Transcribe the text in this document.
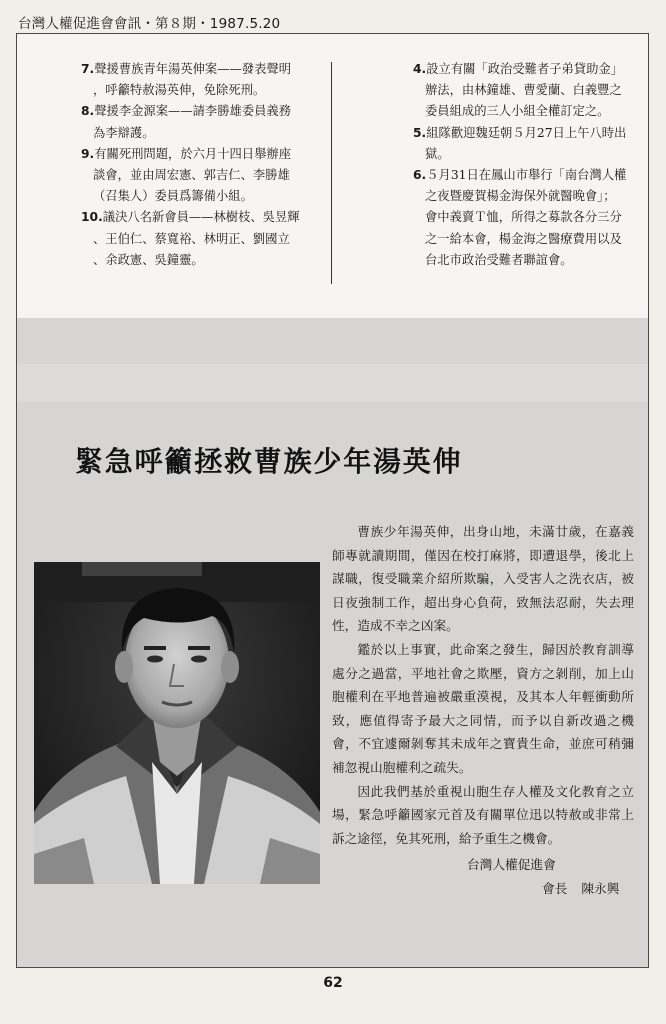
台灣人權促進會會訊・第８期・1987.5.20
7.聲援曹族青年湯英伸案——發表聲明
，呼籲特赦湯英伸，免除死刑。
8.聲援李金源案——請李勝雄委員義務
為李辯護。
9.有關死刑問題，於六月十四日舉辦座
談會，並由周宏憲、郭吉仁、李勝雄
（召集人）委員爲籌備小組。
10.議決八名新會員——林樹枝、吳昱輝
、王伯仁、蔡寬裕、林明正、劉國立
、余政憲、吳鐘靈。
4.設立有關「政治受難者子弟貸助金」
辦法，由林鐘雄、曹愛蘭、白義豐之
委員組成的三人小組全權訂定之。
5.組隊歡迎魏廷朝５月27日上午八時出
獄。
6.５月31日在鳳山市舉行「南台灣人權
之夜暨慶賀楊金海保外就醫晚會」；
會中義賣Ｔ恤，所得之募款各分三分
之一給本會，楊金海之醫療費用以及
台北市政治受難者聯誼會。
緊急呼籲拯救曹族少年湯英伸

曹族少年湯英伸，出身山地，未滿廿歲，在嘉義師專就讀期間，僅因在校打麻將，即遭退學，後北上謀職，復受職業介紹所欺騙，入受害人之洗衣店，被日夜強制工作，超出身心負荷，致無法忍耐，失去理性，造成不幸之凶案。

鑑於以上事實，此命案之發生，歸因於教育訓導處分之過當，平地社會之欺壓，資方之剝削，加上山胞權利在平地普遍被嚴重漠視，及其本人年輕衝動所致，應值得寄予最大之同情，而予以自新改過之機會，不宜遽爾剝奪其未成年之寶貴生命，並庶可稍彌補忽視山胞權利之疏失。

因此我們基於重視山胞生存人權及文化教育之立場，緊急呼籲國家元首及有關單位迅以特赦或非常上訴之途徑，免其死刑，給予重生之機會。

台灣人權促進會
會長 陳永興
62
